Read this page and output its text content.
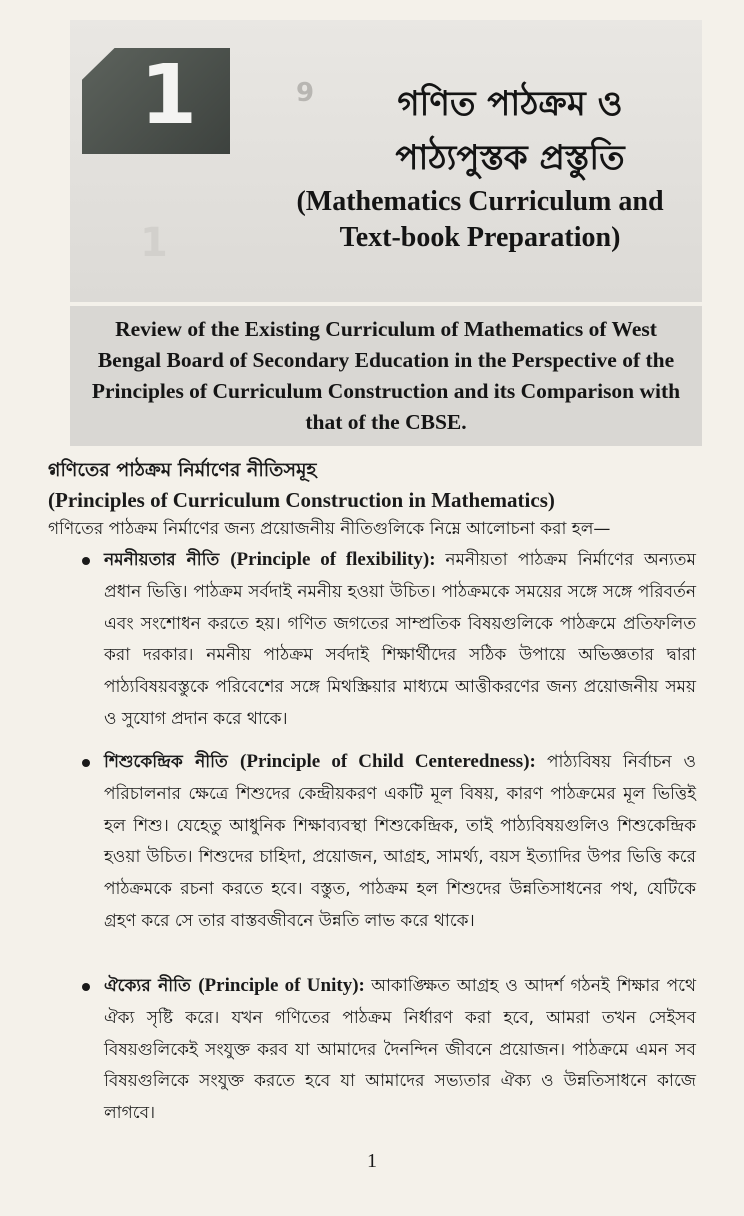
1	9
1
গণিত পাঠক্রম ও
পাঠ্যপুস্তক প্রস্তুতি
(Mathematics Curriculum and
Text-book Preparation)
Review of the Existing Curriculum of Mathematics of West Bengal Board of Secondary Education in the Perspective of the Principles of Curriculum Construction and its Comparison with that of the CBSE.
গণিতের পাঠক্রম নির্মাণের নীতিসমূহ
(Principles of Curriculum Construction in Mathematics)
গণিতের পাঠক্রম নির্মাণের জন্য প্রয়োজনীয় নীতিগুলিকে নিম্নে আলোচনা করা হল—
নমনীয়তার নীতি (Principle of flexibility): নমনীয়তা পাঠক্রম নির্মাণের অন্যতম প্রধান ভিত্তি। পাঠক্রম সর্বদাই নমনীয় হওয়া উচিত। পাঠক্রমকে সময়ের সঙ্গে সঙ্গে পরিবর্তন এবং সংশোধন করতে হয়। গণিত জগতের সাম্প্রতিক বিষয়গুলিকে পাঠক্রমে প্রতিফলিত করা দরকার। নমনীয় পাঠক্রম সর্বদাই শিক্ষার্থীদের সঠিক উপায়ে অভিজ্ঞতার দ্বারা পাঠ্যবিষয়বস্তুকে পরিবেশের সঙ্গে মিথস্ক্রিয়ার মাধ্যমে আত্তীকরণের জন্য প্রয়োজনীয় সময় ও সুযোগ প্রদান করে থাকে।
শিশুকেন্দ্রিক নীতি (Principle of Child Centeredness): পাঠ্যবিষয় নির্বাচন ও পরিচালনার ক্ষেত্রে শিশুদের কেন্দ্রীয়করণ একটি মূল বিষয়, কারণ পাঠক্রমের মূল ভিত্তিই হল শিশু। যেহেতু আধুনিক শিক্ষাব্যবস্থা শিশুকেন্দ্রিক, তাই পাঠ্যবিষয়গুলিও শিশুকেন্দ্রিক হওয়া উচিত। শিশুদের চাহিদা, প্রয়োজন, আগ্রহ, সামর্থ্য, বয়স ইত্যাদির উপর ভিত্তি করে পাঠক্রমকে রচনা করতে হবে। বস্তুত, পাঠক্রম হল শিশুদের উন্নতিসাধনের পথ, যেটিকে গ্রহণ করে সে তার বাস্তবজীবনে উন্নতি লাভ করে থাকে।
ঐক্যের নীতি (Principle of Unity): আকাঙ্ক্ষিত আগ্রহ ও আদর্শ গঠনই শিক্ষার পথে ঐক্য সৃষ্টি করে। যখন গণিতের পাঠক্রম নির্ধারণ করা হবে, আমরা তখন সেইসব বিষয়গুলিকেই সংযুক্ত করব যা আমাদের দৈনন্দিন জীবনে প্রয়োজন। পাঠক্রমে এমন সব বিষয়গুলিকে সংযুক্ত করতে হবে যা আমাদের সভ্যতার ঐক্য ও উন্নতিসাধনে কাজে লাগবে।
1
